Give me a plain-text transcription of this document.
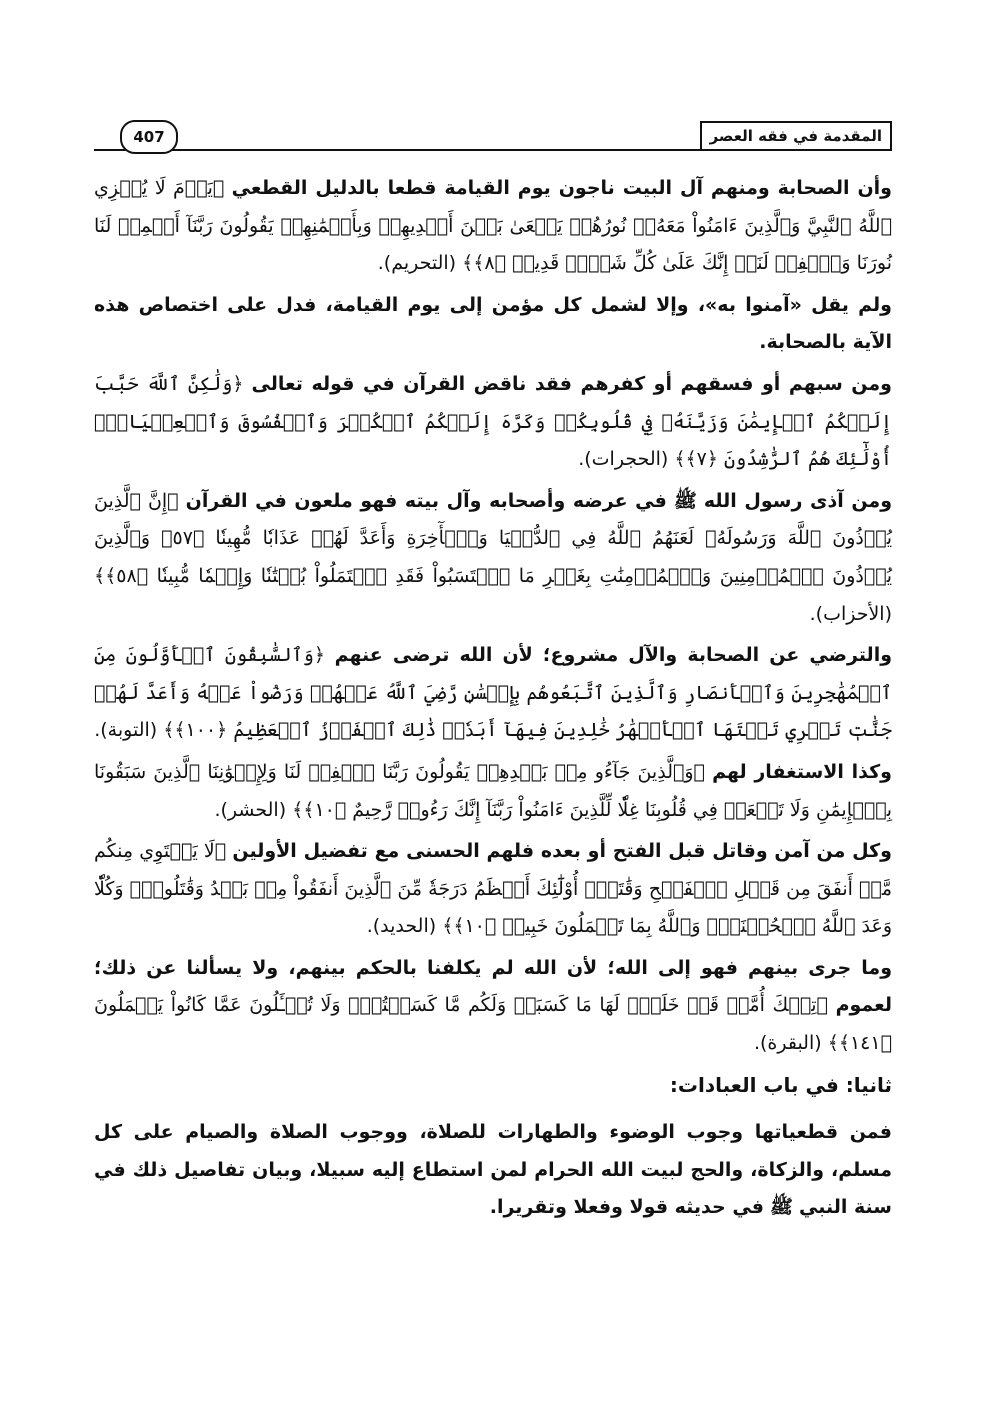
المقدمة في فقه العصر
407

وأن الصحابة ومنهم آل البيت ناجون يوم القيامة قطعا بالدليل القطعي ﴿يَوۡمَ لَا يُخۡزِي ٱللَّهُ ٱلنَّبِيَّ وَٱلَّذِينَ ءَامَنُواْ مَعَهُۥۖ نُورُهُمۡ يَسۡعَىٰ بَيۡنَ أَيۡدِيهِمۡ وَبِأَيۡمَٰنِهِمۡ يَقُولُونَ رَبَّنَآ أَتۡمِمۡ لَنَا نُورَنَا وَٱغۡفِرۡ لَنَآۖ إِنَّكَ عَلَىٰ كُلِّ شَيۡءٖ قَدِيرٞ ﴿٨﴾﴾ (التحريم).

ولم يقل «آمنوا به»، وإلا لشمل كل مؤمن إلى يوم القيامة، فدل على اختصاص هذه الآية بالصحابة.

ومن سبهم أو فسقهم أو كفرهم فقد ناقض القرآن في قوله تعالى ﴿وَلَٰكِنَّ ٱللَّهَ حَبَّبَ إِلَيۡكُمُ ٱلۡإِيمَٰنَ وَزَيَّنَهُۥ فِي قُلُوبِكُمۡ وَكَرَّهَ إِلَيۡكُمُ ٱلۡكُفۡرَ وَٱلۡفُسُوقَ وَٱلۡعِصۡيَانَۚ أُوْلَٰٓئِكَ هُمُ ٱلرَّٰشِدُونَ ﴿٧﴾﴾ (الحجرات).

ومن آذى رسول الله ﷺ في عرضه وأصحابه وآل بيته فهو ملعون في القرآن ﴿إِنَّ ٱلَّذِينَ يُؤۡذُونَ ٱللَّهَ وَرَسُولَهُۥ لَعَنَهُمُ ٱللَّهُ فِي ٱلدُّنۡيَا وَٱلۡأٓخِرَةِ وَأَعَدَّ لَهُمۡ عَذَابٗا مُّهِينٗا ﴿٥٧﴾ وَٱلَّذِينَ يُؤۡذُونَ ٱلۡمُؤۡمِنِينَ وَٱلۡمُؤۡمِنَٰتِ بِغَيۡرِ مَا ٱكۡتَسَبُواْ فَقَدِ ٱحۡتَمَلُواْ بُهۡتَٰنٗا وَإِثۡمٗا مُّبِينٗا ﴿٥٨﴾﴾ (الأحزاب).

والترضي عن الصحابة والآل مشروع؛ لأن الله ترضى عنهم ﴿وَٱلسَّٰبِقُونَ ٱلۡأَوَّلُونَ مِنَ ٱلۡمُهَٰجِرِينَ وَٱلۡأَنصَارِ وَٱلَّذِينَ ٱتَّبَعُوهُم بِإِحۡسَٰنٖ رَّضِيَ ٱللَّهُ عَنۡهُمۡ وَرَضُواْ عَنۡهُ وَأَعَدَّ لَهُمۡ جَنَّٰتٖ تَجۡرِي تَحۡتَهَا ٱلۡأَنۡهَٰرُ خَٰلِدِينَ فِيهَآ أَبَدٗاۚ ذَٰلِكَ ٱلۡفَوۡزُ ٱلۡعَظِيمُ ﴿١٠٠﴾﴾ (التوبة).

وكذا الاستغفار لهم ﴿وَٱلَّذِينَ جَآءُو مِنۢ بَعۡدِهِمۡ يَقُولُونَ رَبَّنَا ٱغۡفِرۡ لَنَا وَلِإِخۡوَٰنِنَا ٱلَّذِينَ سَبَقُونَا بِٱلۡإِيمَٰنِ وَلَا تَجۡعَلۡ فِي قُلُوبِنَا غِلّٗا لِّلَّذِينَ ءَامَنُواْ رَبَّنَآ إِنَّكَ رَءُوفٞ رَّحِيمٌ ﴿١٠﴾﴾ (الحشر).

وكل من آمن وقاتل قبل الفتح أو بعده فلهم الحسنى مع تفضيل الأولين ﴿لَا يَسۡتَوِي مِنكُم مَّنۡ أَنفَقَ مِن قَبۡلِ ٱلۡفَتۡحِ وَقَٰتَلَۚ أُوْلَٰٓئِكَ أَعۡظَمُ دَرَجَةٗ مِّنَ ٱلَّذِينَ أَنفَقُواْ مِنۢ بَعۡدُ وَقَٰتَلُواْۚ وَكُلّٗا وَعَدَ ٱللَّهُ ٱلۡحُسۡنَىٰۚ وَٱللَّهُ بِمَا تَعۡمَلُونَ خَبِيرٞ ﴿١٠﴾﴾ (الحديد).

وما جرى بينهم فهو إلى الله؛ لأن الله لم يكلفنا بالحكم بينهم، ولا يسألنا عن ذلك؛ لعموم ﴿تِلۡكَ أُمَّةٞ قَدۡ خَلَتۡۖ لَهَا مَا كَسَبَتۡ وَلَكُم مَّا كَسَبۡتُمۡۖ وَلَا تُسۡـَٔلُونَ عَمَّا كَانُواْ يَعۡمَلُونَ ﴿١٤١﴾﴾ (البقرة).

ثانيا: في باب العبادات:

فمن قطعياتها وجوب الوضوء والطهارات للصلاة، ووجوب الصلاة والصيام على كل مسلم، والزكاة، والحج لبيت الله الحرام لمن استطاع إليه سبيلا، وبيان تفاصيل ذلك في سنة النبي ﷺ في حديثه قولا وفعلا وتقريرا.
